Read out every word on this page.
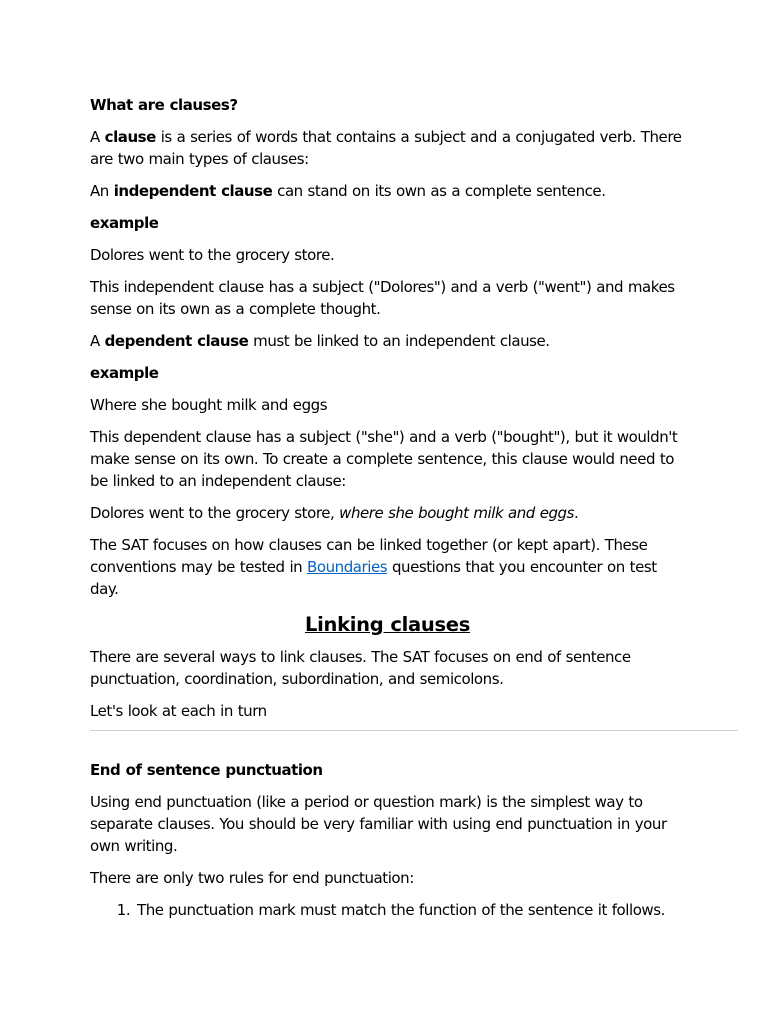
What are clauses?

A clause is a series of words that contains a subject and a conjugated verb. There are two main types of clauses:

An independent clause can stand on its own as a complete sentence.

example

Dolores went to the grocery store.

This independent clause has a subject ("Dolores") and a verb ("went") and makes sense on its own as a complete thought.

A dependent clause must be linked to an independent clause.

example

Where she bought milk and eggs

This dependent clause has a subject ("she") and a verb ("bought"), but it wouldn't make sense on its own. To create a complete sentence, this clause would need to be linked to an independent clause:

Dolores went to the grocery store, where she bought milk and eggs.

The SAT focuses on how clauses can be linked together (or kept apart). These conventions may be tested in Boundaries questions that you encounter on test day.

Linking clauses

There are several ways to link clauses. The SAT focuses on end of sentence punctuation, coordination, subordination, and semicolons.

Let's look at each in turn

End of sentence punctuation

Using end punctuation (like a period or question mark) is the simplest way to separate clauses. You should be very familiar with using end punctuation in your own writing.

There are only two rules for end punctuation:

1. The punctuation mark must match the function of the sentence it follows.
